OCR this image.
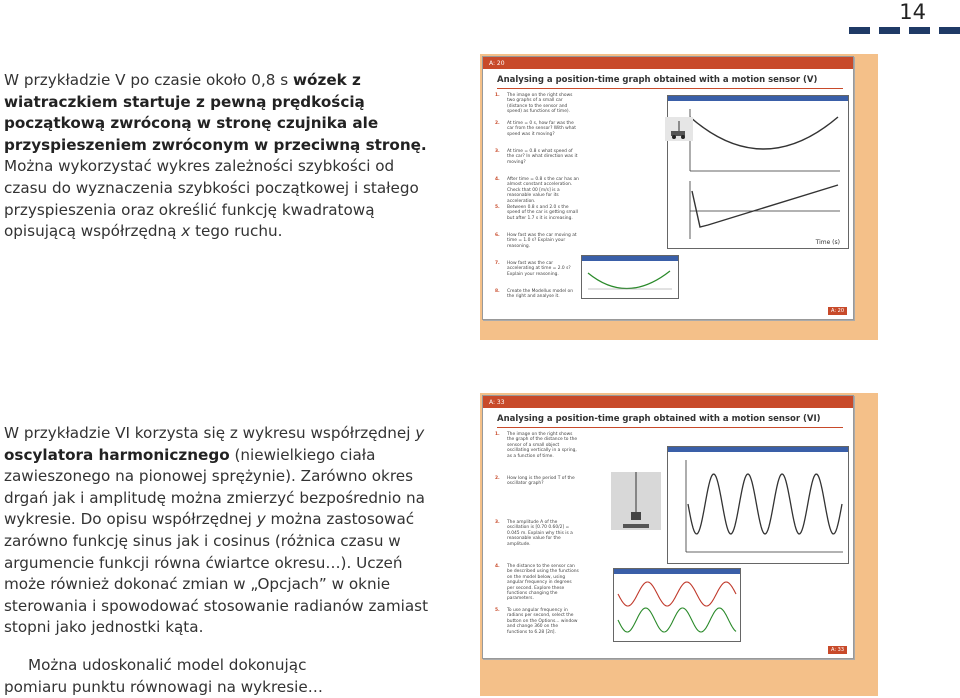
14
W przykładzie V po czasie około 0,8 s wózek z
wiatraczkiem startuje z pewną prędkością
początkową zwróconą w stronę czujnika ale
przyspieszeniem zwróconym w przeciwną stronę.
Można wykorzystać wykres zależności szybkości od
czasu do wyznaczenia szybkości początkowej i stałego
przyspieszenia oraz określić funkcję kwadratową
opisującą współrzędną x tego ruchu.
W przykładzie VI korzysta się z wykresu współrzędnej y
oscylatora harmonicznego (niewielkiego ciała
zawieszonego na pionowej sprężynie). Zarówno okres
drgań jak i amplitudę można zmierzyć bezpośrednio na
wykresie. Do opisu współrzędnej y można zastosować
zarówno funkcję sinus jak i cosinus (różnica czasu w
argumencie funkcji równa ćwiartce okresu…). Uczeń
może również dokonać zmian w „Opcjach” w oknie
sterowania i spowodować stosowanie radianów zamiast
stopni jako jednostki kąta.
Można udoskonalić model dokonując
pomiaru punktu równowagi na wykresie…
A: 20
Analysing a position-time graph obtained with a motion sensor (V)
1. The image on the right shows two graphs of a small car (distance to the sensor and speed) as functions of time).
2. At time = 0 s, how far was the car from the sensor? With what speed was it moving?
3. At time = 0.8 s what speed of the car? In what direction was it moving?
4. After time = 0.8 s the car has an almost constant acceleration. Check that 00 [m/s] is a reasonable value for its acceleration.
5. Between 0.8 s and 2.0 s the speed of the car is getting small but after 1.7 s it is increasing.
6. How fast was the car moving at time = 1.0 s? Explain your reasoning.
7. How fast was the car accelerating at time = 2.0 s? Explain your reasoning.
8. Create the Modellus model on the right and analyse it.
Time (s)
A: 20
A: 33
Analysing a position-time graph obtained with a motion sensor (VI)
1. The image on the right shows the graph of the distance to the sensor of a small object oscillating vertically in a spring, as a function of time.
2. How long is the period T of the oscillator graph?
3. The amplitude A of the oscillation is [0.70 0.60/2] = 0.045 m. Explain why this is a reasonable value for the amplitude.
4. The distance to the sensor can be described using the functions on the model below, using angular frequency in degrees per second. Explore these functions changing the parameters.
5. To use angular frequency in radians per second, select the button on the Options... window and change 360 on the functions to 6.28 [2π].
A: 33
